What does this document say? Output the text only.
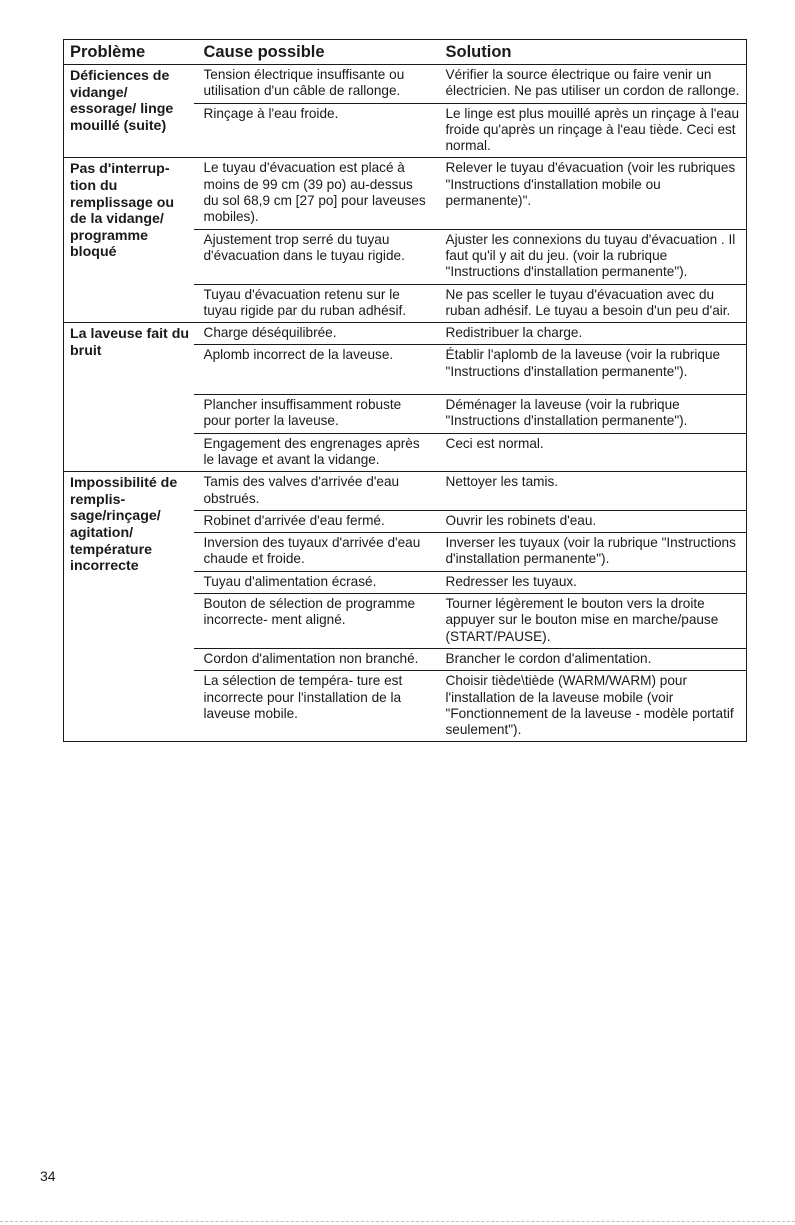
Problème	Cause possible	Solution
Déficiences de vidange/ essorage/ linge mouillé (suite)	Tension électrique insuffisante ou utilisation d'un câble de rallonge.	Vérifier la source électrique ou faire venir un électricien. Ne pas utiliser un cordon de rallonge.
	Rinçage à l'eau froide.	Le linge est plus mouillé après un rinçage à l'eau froide qu'après un rinçage à l'eau tiède. Ceci est normal.
Pas d'interrup- tion du remplissage ou de la vidange/ programme bloqué	Le tuyau d'évacuation est placé à moins de 99 cm (39 po) au-dessus du sol 68,9 cm [27 po] pour laveuses mobiles).	Relever le tuyau d'évacuation (voir les rubriques "Instructions d'installation mobile ou permanente)".
	Ajustement trop serré du tuyau d'évacuation dans le tuyau rigide.	Ajuster les connexions du tuyau d'évacuation . Il faut qu'il y ait du jeu. (voir la rubrique "Instructions d'installation permanente").
	Tuyau d'évacuation retenu sur le tuyau rigide par du ruban adhésif.	Ne pas sceller le tuyau d'évacuation avec du ruban adhésif. Le tuyau a besoin d'un peu d'air.
La laveuse fait du bruit	Charge déséquilibrée.	Redistribuer la charge.
	Aplomb incorrect de la laveuse.	Établir l'aplomb de la laveuse (voir la rubrique "Instructions d'installation permanente").
	Plancher insuffisamment robuste pour porter la laveuse.	Déménager la laveuse (voir la rubrique "Instructions d'installation permanente").
	Engagement des engrenages après le lavage et avant la vidange.	Ceci est normal.
Impossibilité de remplis- sage/rinçage/ agitation/ température incorrecte	Tamis des valves d'arrivée d'eau obstrués.	Nettoyer les tamis.
	Robinet d'arrivée d'eau fermé.	Ouvrir les robinets d'eau.
	Inversion des tuyaux d'arrivée d'eau chaude et froide.	Inverser les tuyaux (voir la rubrique "Instructions d'installation permanente").
	Tuyau d'alimentation écrasé.	Redresser les tuyaux.
	Bouton de sélection de programme incorrecte- ment aligné.	Tourner légèrement le bouton vers la droite appuyer sur le bouton mise en marche/pause (START/PAUSE).
	Cordon d'alimentation non branché.	Brancher le cordon d'alimentation.
	La sélection de tempéra- ture est incorrecte pour l'installation de la laveuse mobile.	Choisir tiède\tiède (WARM/WARM) pour l'installation de la laveuse mobile (voir "Fonctionnement de la laveuse - modèle portatif seulement").
34
